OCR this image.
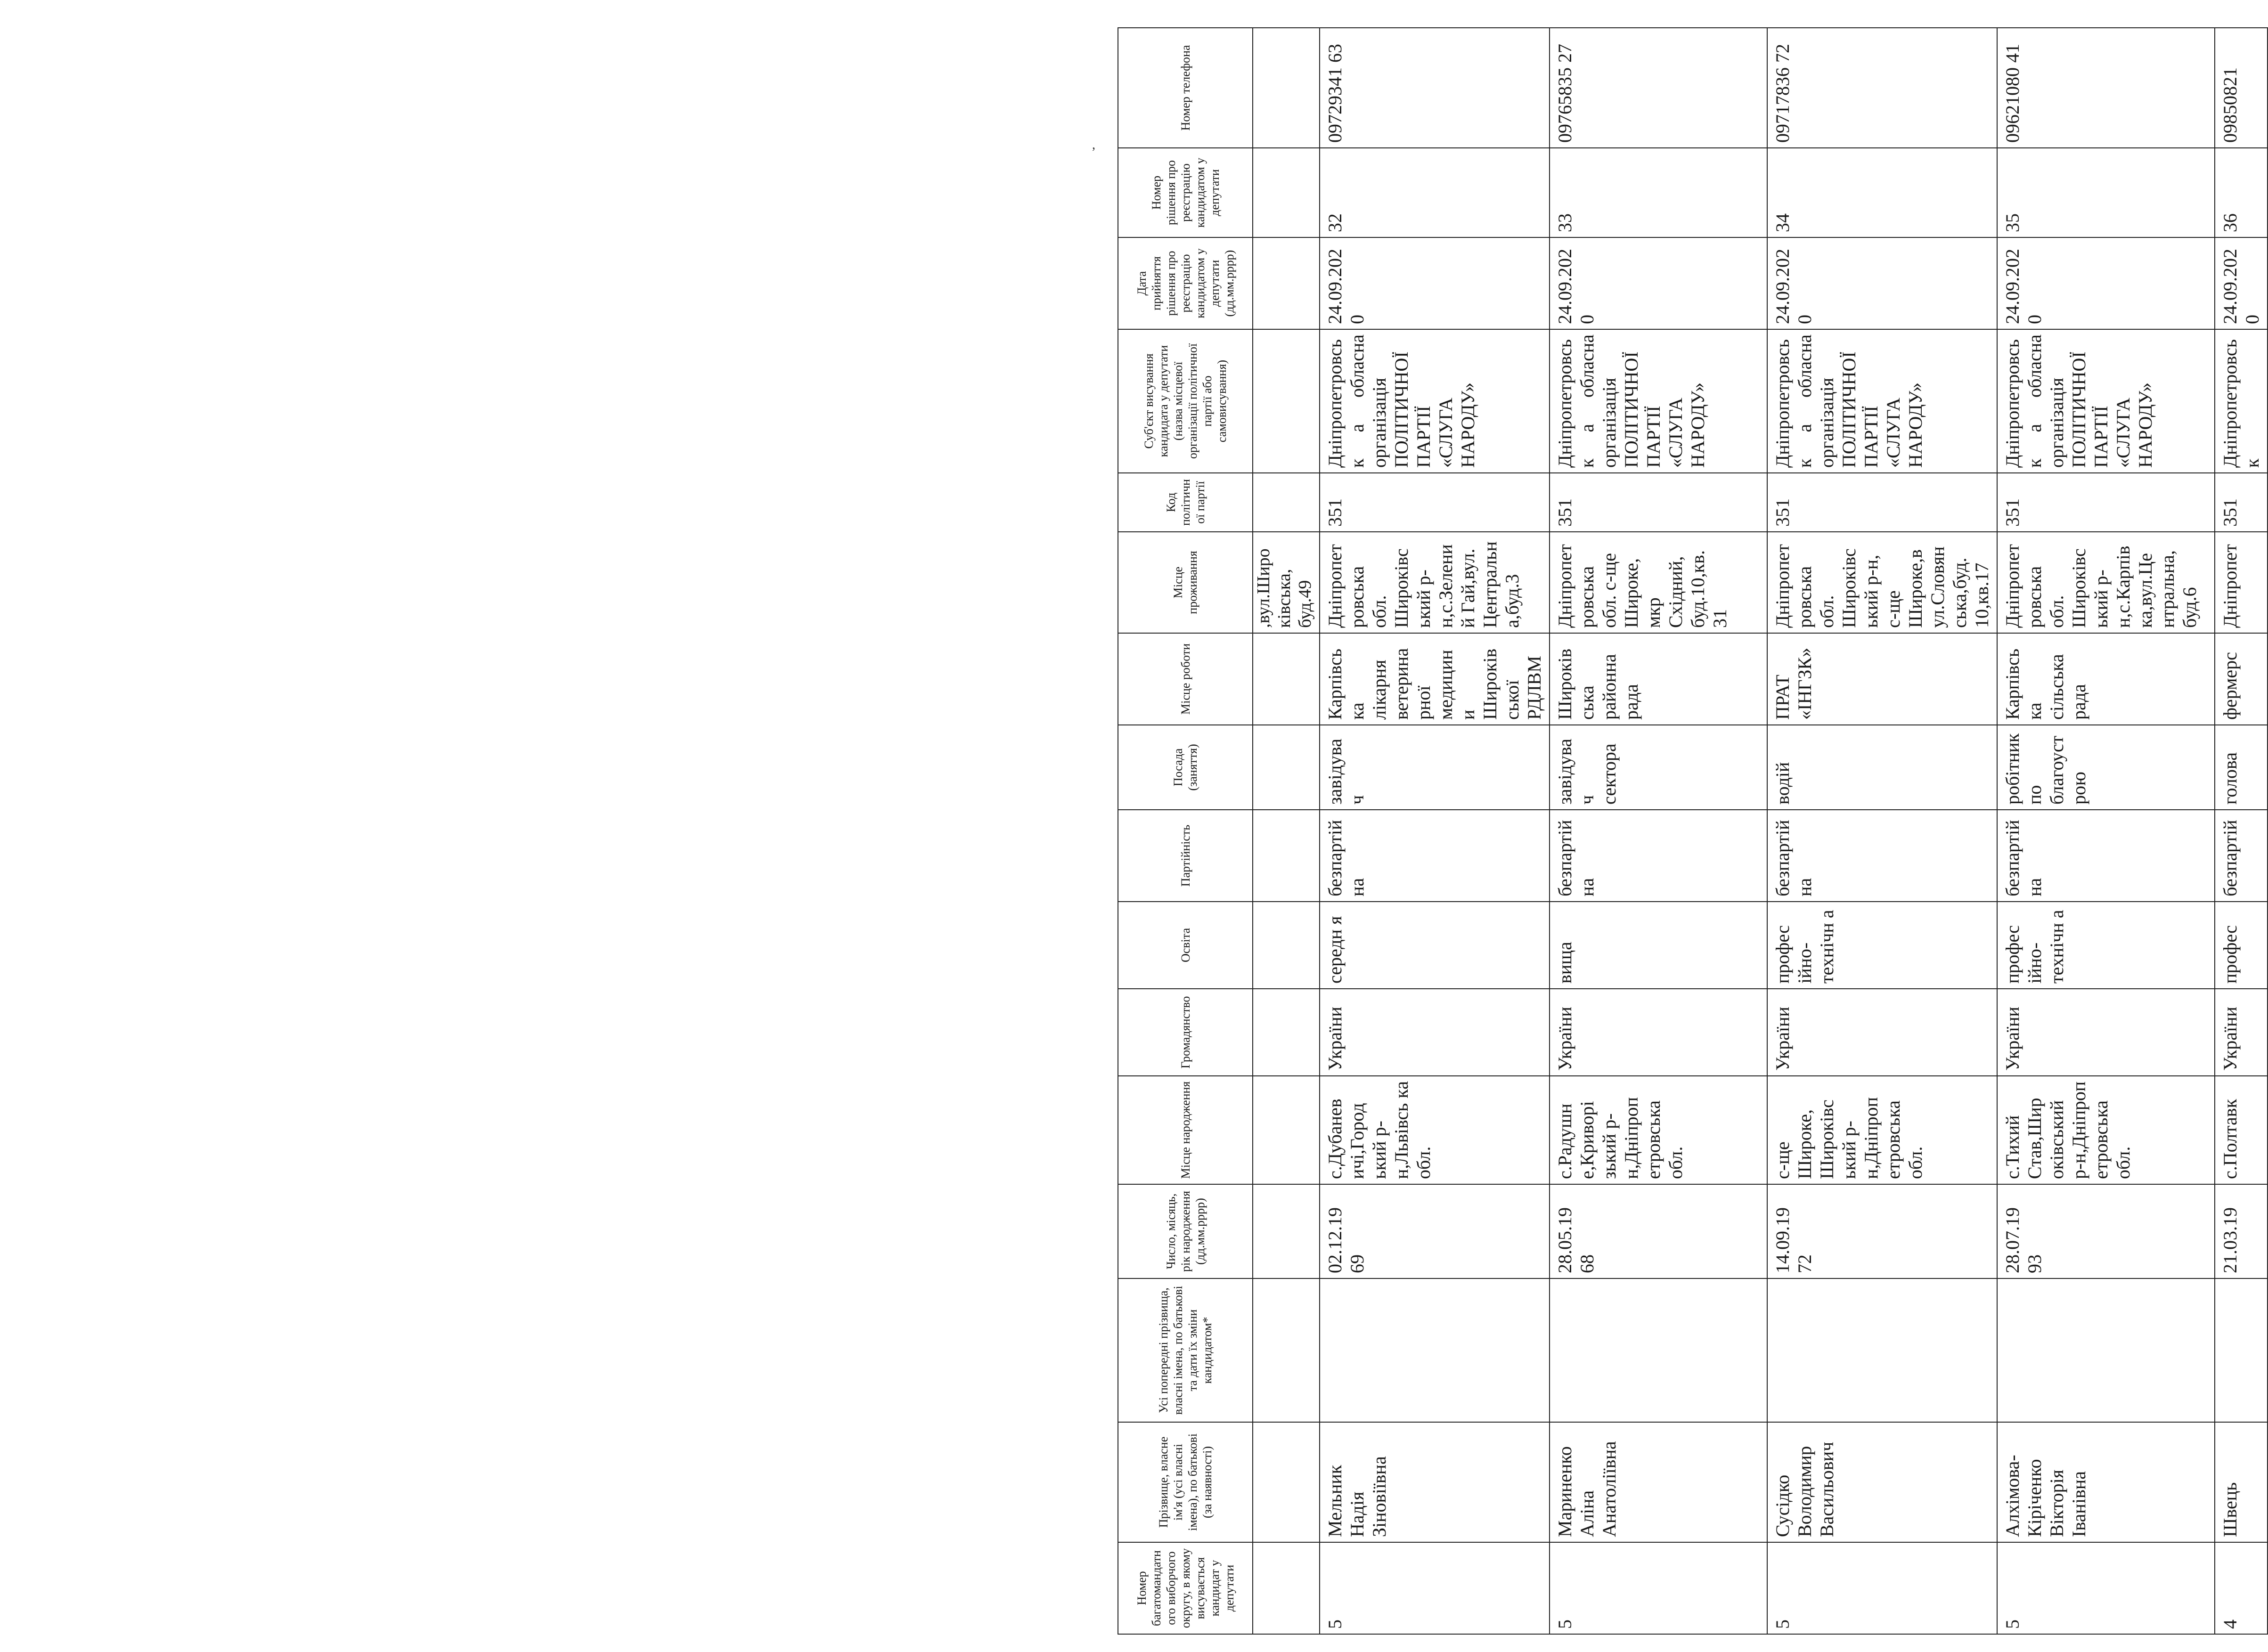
Номер багатомандатного виборчого округу, в якому висувається кандидат у депутати	Прізвище, власне ім'я (усі власні імена), по батькові (за наявності)	Усі попередні прізвища, власні імена, по батькові та дати їх зміни кандидатом*	Число, місяць, рік народження (дд.мм.рррр)	Місце народження	Громадянство	Освіта	Партійність	Посада (заняття)	Місце роботи	Місце проживання	Код політичної партії	Суб'єкт висування кандидата у депутати (назва місцевої організації політичної партії або самовисування)	Дата прийняття рішення про реєстрацію кандидатом у депутати (дд.мм.рррр)	Номер рішення про реєстрацію кандидатом у депутати	Номер телефона
										,вул.Широ ківська, буд.49					
5	Мельник Надія Зіновіївна		02.12.19 69	с.Дубанев ичі,Город ький р-н,Львівсь ка обл.	України	середн я	безпартій на	завідува ч	Карпівсь ка лікарня ветерина рної медицин и Широків ської РДЛВМ	Дніпропет ровська обл. Широківс ький р-н,с.Зелени й Гай,вул. Центральн а,буд.3	351	Дніпропетровськ а обласна організація ПОЛІТИЧНОЇ ПАРТІЇ «СЛУГА НАРОДУ»	24.09.2020	32	09729341 63
5	Мариненко Аліна Анатоліївна		28.05.19 68	с.Радушн е,Криворі зький р-н,Дніпроп етровська обл.	України	вища	безпартій на	завідува ч сектора	Широків ська районна рада	Дніпропет ровська обл. с-ще Широке, мкр Східний, буд.10,кв. 31	351	Дніпропетровськ а обласна організація ПОЛІТИЧНОЇ ПАРТІЇ «СЛУГА НАРОДУ»	24.09.2020	33	09765835 27
5	Сусідко Володимир Васильович		14.09.19 72	с-ще Широке, Широківс ький р-н,Дніпроп етровська обл.	України	профес ійно-технічн а	безпартій на	водій	ПРАТ «ІНГЗК»	Дніпропет ровська обл. Широківс ький р-н, с-ще Широке,в ул.Словян ська,буд. 10,кв.17	351	Дніпропетровськ а обласна організація ПОЛІТИЧНОЇ ПАРТІЇ «СЛУГА НАРОДУ»	24.09.2020	34	09717836 72
5	Алхімова-Кіріченко Вікторія Іванівна		28.07.19 93	с.Тихий Став,Шир оківський р-н,Дніпроп етровська обл.	України	профес ійно-технічн а	безпартій на	робітник по благоуст рою	Карпівсь ка сільська рада	Дніпропет ровська обл. Широківс ький р-н,с.Карпів ка,вул.Це нтральна, буд.6	351	Дніпропетровськ а обласна організація ПОЛІТИЧНОЇ ПАРТІЇ «СЛУГА НАРОДУ»	24.09.2020	35	09621080 41
4	Швець		21.03.19	с.Полтавк	України	профес	безпартій	голова	фермерс	Дніпропет	351	Дніпропетровськ	24.09.2020	36	09850821
,
